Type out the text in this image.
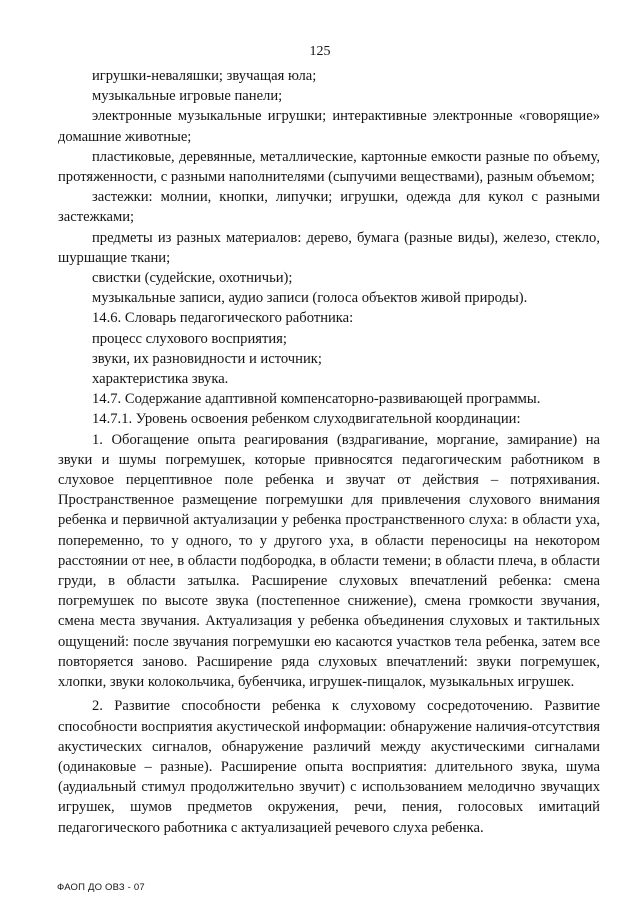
125

игрушки-неваляшки; звучащая юла;

музыкальные игровые панели;

электронные музыкальные игрушки; интерактивные электронные «говорящие» домашние животные;

пластиковые, деревянные, металлические, картонные емкости разные по объему, протяженности, с разными наполнителями (сыпучими веществами), разным объемом;

застежки: молнии, кнопки, липучки; игрушки, одежда для кукол с разными застежками;

предметы из разных материалов: дерево, бумага (разные виды), железо, стекло, шуршащие ткани;

свистки (судейские, охотничьи);

музыкальные записи, аудио записи (голоса объектов живой природы).

14.6. Словарь педагогического работника:

процесс слухового восприятия;

звуки, их разновидности и источник;

характеристика звука.

14.7. Содержание адаптивной компенсаторно-развивающей программы.

14.7.1. Уровень освоения ребенком слуходвигательной координации:

1. Обогащение опыта реагирования (вздрагивание, моргание, замирание) на звуки и шумы погремушек, которые привносятся педагогическим работником в слуховое перцептивное поле ребенка и звучат от действия – потряхивания. Пространственное размещение погремушки для привлечения слухового внимания ребенка и первичной актуализации у ребенка пространственного слуха: в области уха, попеременно, то у одного, то у другого уха, в области переносицы на некотором расстоянии от нее, в области подбородка, в области темени; в области плеча, в области груди, в области затылка. Расширение слуховых впечатлений ребенка: смена погремушек по высоте звука (постепенное снижение), смена громкости звучания, смена места звучания. Актуализация у ребенка объединения слуховых и тактильных ощущений: после звучания погремушки ею касаются участков тела ребенка, затем все повторяется заново. Расширение ряда слуховых впечатлений: звуки погремушек, хлопки, звуки колокольчика, бубенчика, игрушек-пищалок, музыкальных игрушек.

2. Развитие способности ребенка к слуховому сосредоточению. Развитие способности восприятия акустической информации: обнаружение наличия-отсутствия акустических сигналов, обнаружение различий между акустическими сигналами (одинаковые – разные). Расширение опыта восприятия: длительного звука, шума (аудиальный стимул продолжительно звучит) с использованием мелодично звучащих игрушек, шумов предметов окружения, речи, пения, голосовых имитаций педагогического работника с актуализацией речевого слуха ребенка.

ФАОП ДО ОВЗ - 07
